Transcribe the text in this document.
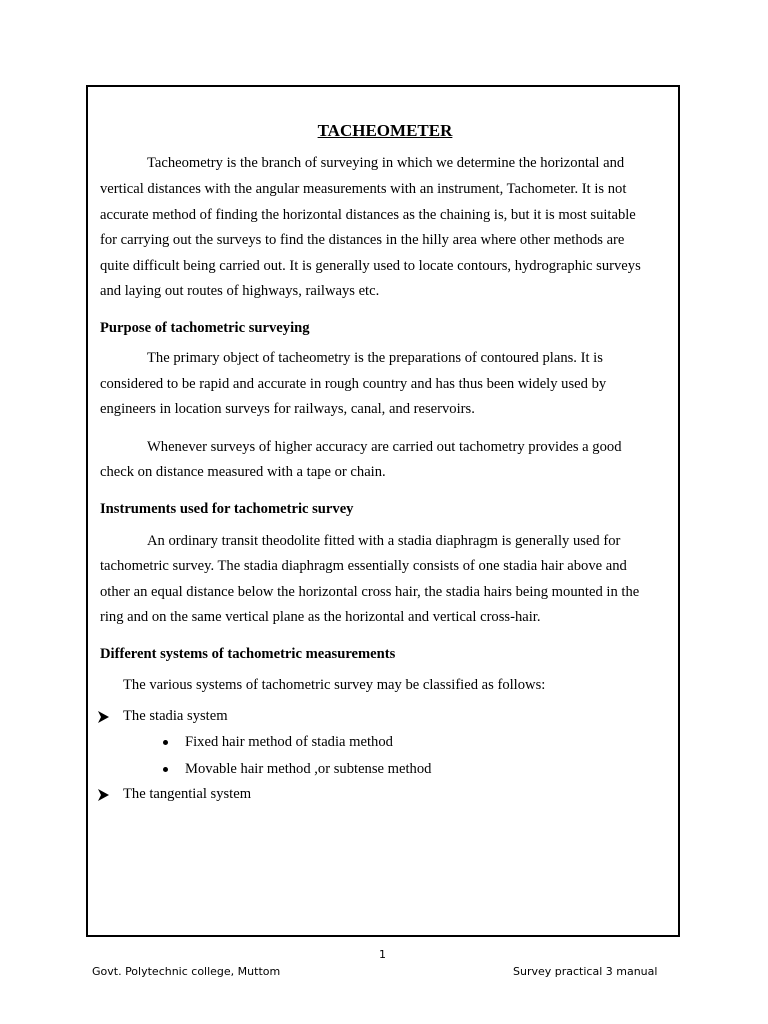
TACHEOMETER
Tacheometry is the branch of surveying in which we determine the horizontal and
vertical distances with the angular measurements with an instrument, Tachometer. It is not
accurate method of finding the horizontal distances as the chaining is, but it is most suitable
for carrying out the surveys to find the distances in the hilly area where other methods are
quite difficult being carried out. It is generally used to locate contours, hydrographic surveys
and laying out routes of highways, railways etc.
Purpose of tachometric surveying
The primary object of tacheometry is the preparations of contoured plans. It is
considered to be rapid and accurate in rough country and has thus been widely used by
engineers in location surveys for railways, canal, and reservoirs.
Whenever surveys of higher accuracy are carried out tachometry provides a good
check on distance measured with a tape or chain.
Instruments used for tachometric survey
An ordinary transit theodolite fitted with a stadia diaphragm is generally used for
tachometric survey. The stadia diaphragm essentially consists of one stadia hair above and
other an equal distance below the horizontal cross hair, the stadia hairs being mounted in the
ring and on the same vertical plane as the horizontal and vertical cross-hair.
Different systems of tachometric measurements
The various systems of tachometric survey may be classified as follows:
The stadia system
Fixed hair method of stadia method
Movable hair method ,or subtense method
The tangential system
1
Govt. Polytechnic college, Muttom	Survey practical 3 manual
